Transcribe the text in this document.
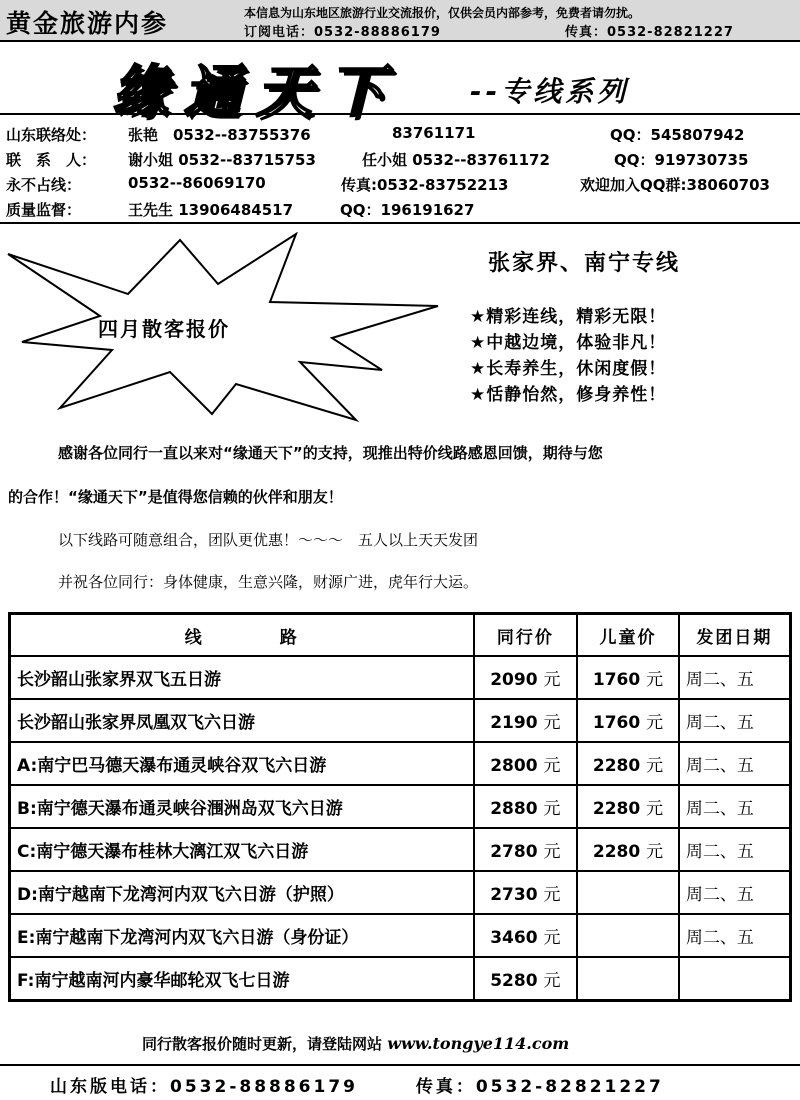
黄金旅游内参	本信息为山东地区旅游行业交流报价，仅供会员内部参考，免费者请勿扰。
订阅电话：0532-88886179	传真：0532-82821227
缘通天下	--专线系列
山东联络处： 张艳　0532--83755376	83761171	QQ：545807942
联　系　人： 谢小姐 0532--83715753	任小姐 0532--83761172	QQ：919730735
永不占线：	0532--86069170	传真:0532-83752213	欢迎加入QQ群:38060703
质量监督：	王先生 13906484517	QQ：196191627
四月散客报价
张家界、南宁专线
★精彩连线，精彩无限！
★中越边境，体验非凡！
★长寿养生，休闲度假！
★恬静怡然，修身养性！
感谢各位同行一直以来对“缘通天下”的支持，现推出特价线路感恩回馈，期待与您
的合作！“缘通天下”是值得您信赖的伙伴和朋友！
以下线路可随意组合，团队更优惠！～～～　五人以上天天发团
并祝各位同行：身体健康，生意兴隆，财源广进，虎年行大运。
线　　　　路	同行价	儿童价	发团日期
长沙韶山张家界双飞五日游	2090 元	1760 元	周二、五
长沙韶山张家界凤凰双飞六日游	2190 元	1760 元	周二、五
A:南宁巴马德天瀑布通灵峡谷双飞六日游	2800 元	2280 元	周二、五
B:南宁德天瀑布通灵峡谷涠洲岛双飞六日游	2880 元	2280 元	周二、五
C:南宁德天瀑布桂林大漓江双飞六日游	2780 元	2280 元	周二、五
D:南宁越南下龙湾河内双飞六日游（护照）	2730 元		周二、五
E:南宁越南下龙湾河内双飞六日游（身份证）	3460 元		周二、五
F:南宁越南河内豪华邮轮双飞七日游	5280 元		
同行散客报价随时更新，请登陆网站 www.tongye114.com
山东版电话：0532-88886179	传真：0532-82821227
